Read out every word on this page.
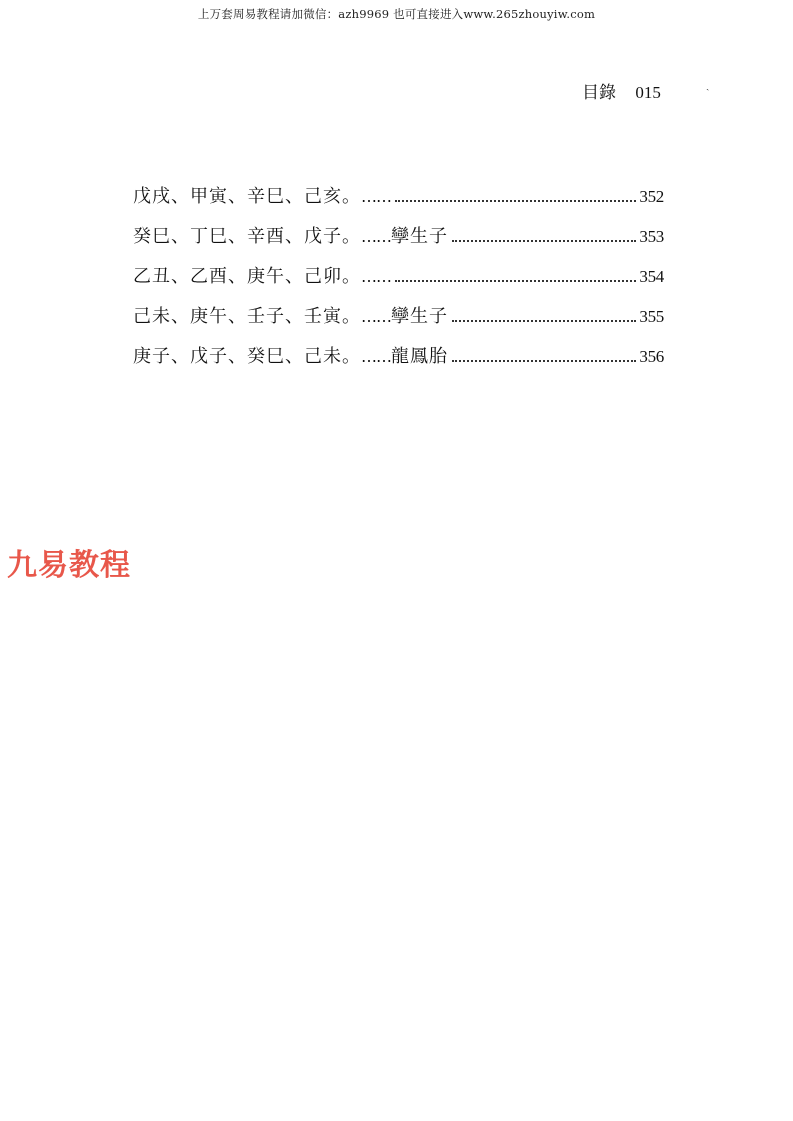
上万套周易教程请加微信：azh9969 也可直接进入www.265zhouyiw.com
目錄 015	ˎ
戊戌、甲寅、辛巳、己亥。 ……	352
癸巳、丁巳、辛酉、戊子。 …… 孿生子	353
乙丑、乙酉、庚午、己卯。 ……	354
己未、庚午、壬子、壬寅。 …… 孿生子	355
庚子、戊子、癸巳、己未。 …… 龍鳳胎	356
九易教程
